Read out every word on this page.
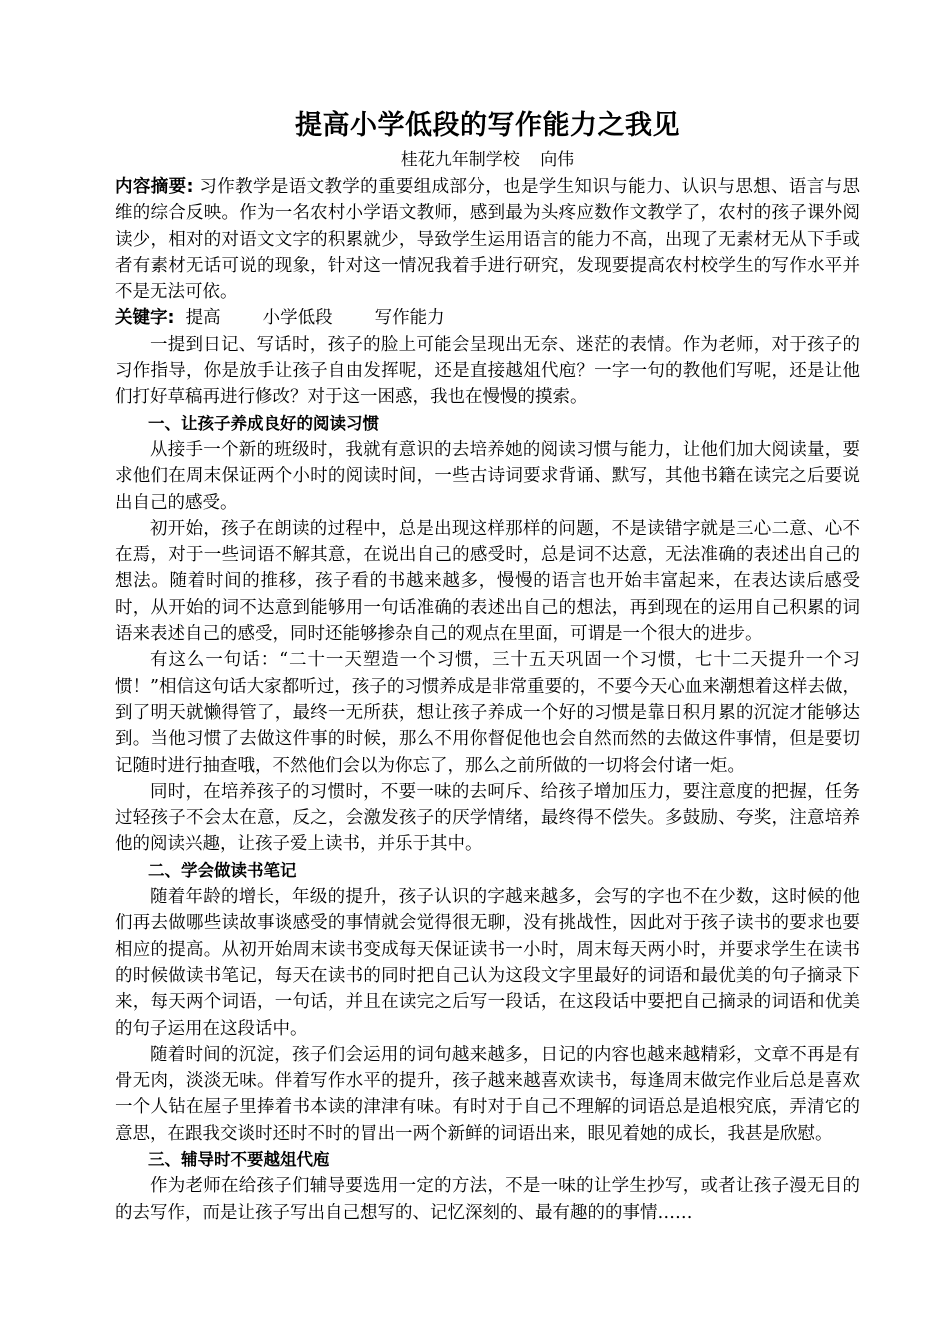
提高小学低段的写作能力之我见
桂花九年制学校 向伟

内容摘要: 习作教学是语文教学的重要组成部分，也是学生知识与能力、认识与思想、语言与思维的综合反映。作为一名农村小学语文教师，感到最为头疼应数作文教学了，农村的孩子课外阅读少，相对的对语文文字的积累就少，导致学生运用语言的能力不高，出现了无素材无从下手或者有素材无话可说的现象，针对这一情况我着手进行研究，发现要提高农村校学生的写作水平并不是无法可依。

关键字: 提高 小学低段 写作能力

一提到日记、写话时，孩子的脸上可能会呈现出无奈、迷茫的表情。作为老师，对于孩子的习作指导，你是放手让孩子自由发挥呢，还是直接越俎代庖？一字一句的教他们写呢，还是让他们打好草稿再进行修改？对于这一困惑，我也在慢慢的摸索。

一、让孩子养成良好的阅读习惯

从接手一个新的班级时，我就有意识的去培养她的阅读习惯与能力，让他们加大阅读量，要求他们在周末保证两个小时的阅读时间，一些古诗词要求背诵、默写，其他书籍在读完之后要说出自己的感受。

初开始，孩子在朗读的过程中，总是出现这样那样的问题，不是读错字就是三心二意、心不在焉，对于一些词语不解其意，在说出自己的感受时，总是词不达意，无法准确的表述出自己的想法。随着时间的推移，孩子看的书越来越多，慢慢的语言也开始丰富起来，在表达读后感受时，从开始的词不达意到能够用一句话准确的表述出自己的想法，再到现在的运用自己积累的词语来表述自己的感受，同时还能够掺杂自己的观点在里面，可谓是一个很大的进步。

有这么一句话：“二十一天塑造一个习惯，三十五天巩固一个习惯，七十二天提升一个习惯！”相信这句话大家都听过，孩子的习惯养成是非常重要的，不要今天心血来潮想着这样去做，到了明天就懒得管了，最终一无所获，想让孩子养成一个好的习惯是靠日积月累的沉淀才能够达到。当他习惯了去做这件事的时候，那么不用你督促他也会自然而然的去做这件事情，但是要切记随时进行抽查哦，不然他们会以为你忘了，那么之前所做的一切将会付诸一炬。

同时，在培养孩子的习惯时，不要一味的去呵斥、给孩子增加压力，要注意度的把握，任务过轻孩子不会太在意，反之，会激发孩子的厌学情绪，最终得不偿失。多鼓励、夸奖，注意培养他的阅读兴趣，让孩子爱上读书，并乐于其中。

二、学会做读书笔记

随着年龄的增长，年级的提升，孩子认识的字越来越多，会写的字也不在少数，这时候的他们再去做哪些读故事谈感受的事情就会觉得很无聊，没有挑战性，因此对于孩子读书的要求也要相应的提高。从初开始周末读书变成每天保证读书一小时，周末每天两小时，并要求学生在读书的时候做读书笔记，每天在读书的同时把自己认为这段文字里最好的词语和最优美的句子摘录下来，每天两个词语，一句话，并且在读完之后写一段话，在这段话中要把自己摘录的词语和优美的句子运用在这段话中。

随着时间的沉淀，孩子们会运用的词句越来越多，日记的内容也越来越精彩，文章不再是有骨无肉，淡淡无味。伴着写作水平的提升，孩子越来越喜欢读书，每逢周末做完作业后总是喜欢一个人钻在屋子里捧着书本读的津津有味。有时对于自己不理解的词语总是追根究底，弄清它的意思，在跟我交谈时还时不时的冒出一两个新鲜的词语出来，眼见着她的成长，我甚是欣慰。

三、辅导时不要越俎代庖

作为老师在给孩子们辅导要选用一定的方法，不是一味的让学生抄写，或者让孩子漫无目的的去写作，而是让孩子写出自己想写的、记忆深刻的、最有趣的的事情……
